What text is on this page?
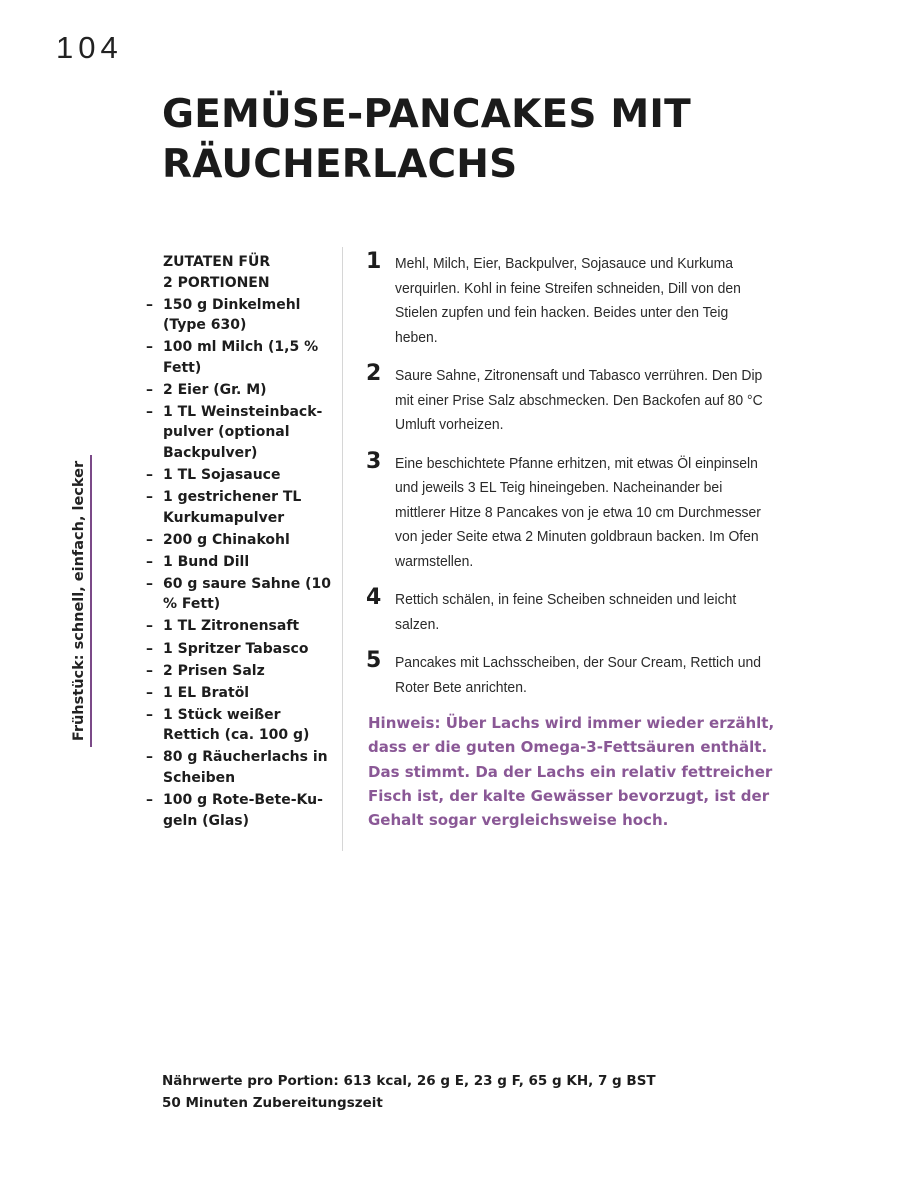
104
GEMÜSE-PANCAKES MIT RÄUCHERLACHS
Frühstück: schnell, einfach, lecker
ZUTATEN FÜR
2 PORTIONEN
– 150 g Dinkelmehl (Type 630)
– 100 ml Milch (1,5 % Fett)
– 2 Eier (Gr. M)
– 1 TL Weinsteinback-pulver (optional Backpulver)
– 1 TL Sojasauce
– 1 gestrichener TL Kurkumapulver
– 200 g Chinakohl
– 1 Bund Dill
– 60 g saure Sahne (10 % Fett)
– 1 TL Zitronensaft
– 1 Spritzer Tabasco
– 2 Prisen Salz
– 1 EL Bratöl
– 1 Stück weißer Rettich (ca. 100 g)
– 80 g Räucherlachs in Scheiben
– 100 g Rote-Bete-Ku-geln (Glas)
1 Mehl, Milch, Eier, Backpulver, Sojasauce und Kurkuma verquirlen. Kohl in feine Streifen schneiden, Dill von den Stielen zupfen und fein hacken. Beides unter den Teig heben.

2 Saure Sahne, Zitronensaft und Tabasco verrühren. Den Dip mit einer Prise Salz abschmecken. Den Backofen auf 80 °C Umluft vorheizen.

3 Eine beschichtete Pfanne erhitzen, mit etwas Öl einpinseln und jeweils 3 EL Teig hineingeben. Nacheinander bei mittlerer Hitze 8 Pancakes von je etwa 10 cm Durchmesser von jeder Seite etwa 2 Minuten goldbraun backen. Im Ofen warmstellen.

4 Rettich schälen, in feine Scheiben schneiden und leicht salzen.

5 Pancakes mit Lachsscheiben, der Sour Cream, Rettich und Roter Bete anrichten.

Hinweis: Über Lachs wird immer wieder erzählt, dass er die guten Omega-3-Fettsäuren enthält. Das stimmt. Da der Lachs ein relativ fettreicher Fisch ist, der kalte Gewässer bevorzugt, ist der Gehalt sogar vergleichsweise hoch.

Nährwerte pro Portion: 613 kcal, 26 g E, 23 g F, 65 g KH, 7 g BST
50 Minuten Zubereitungszeit
